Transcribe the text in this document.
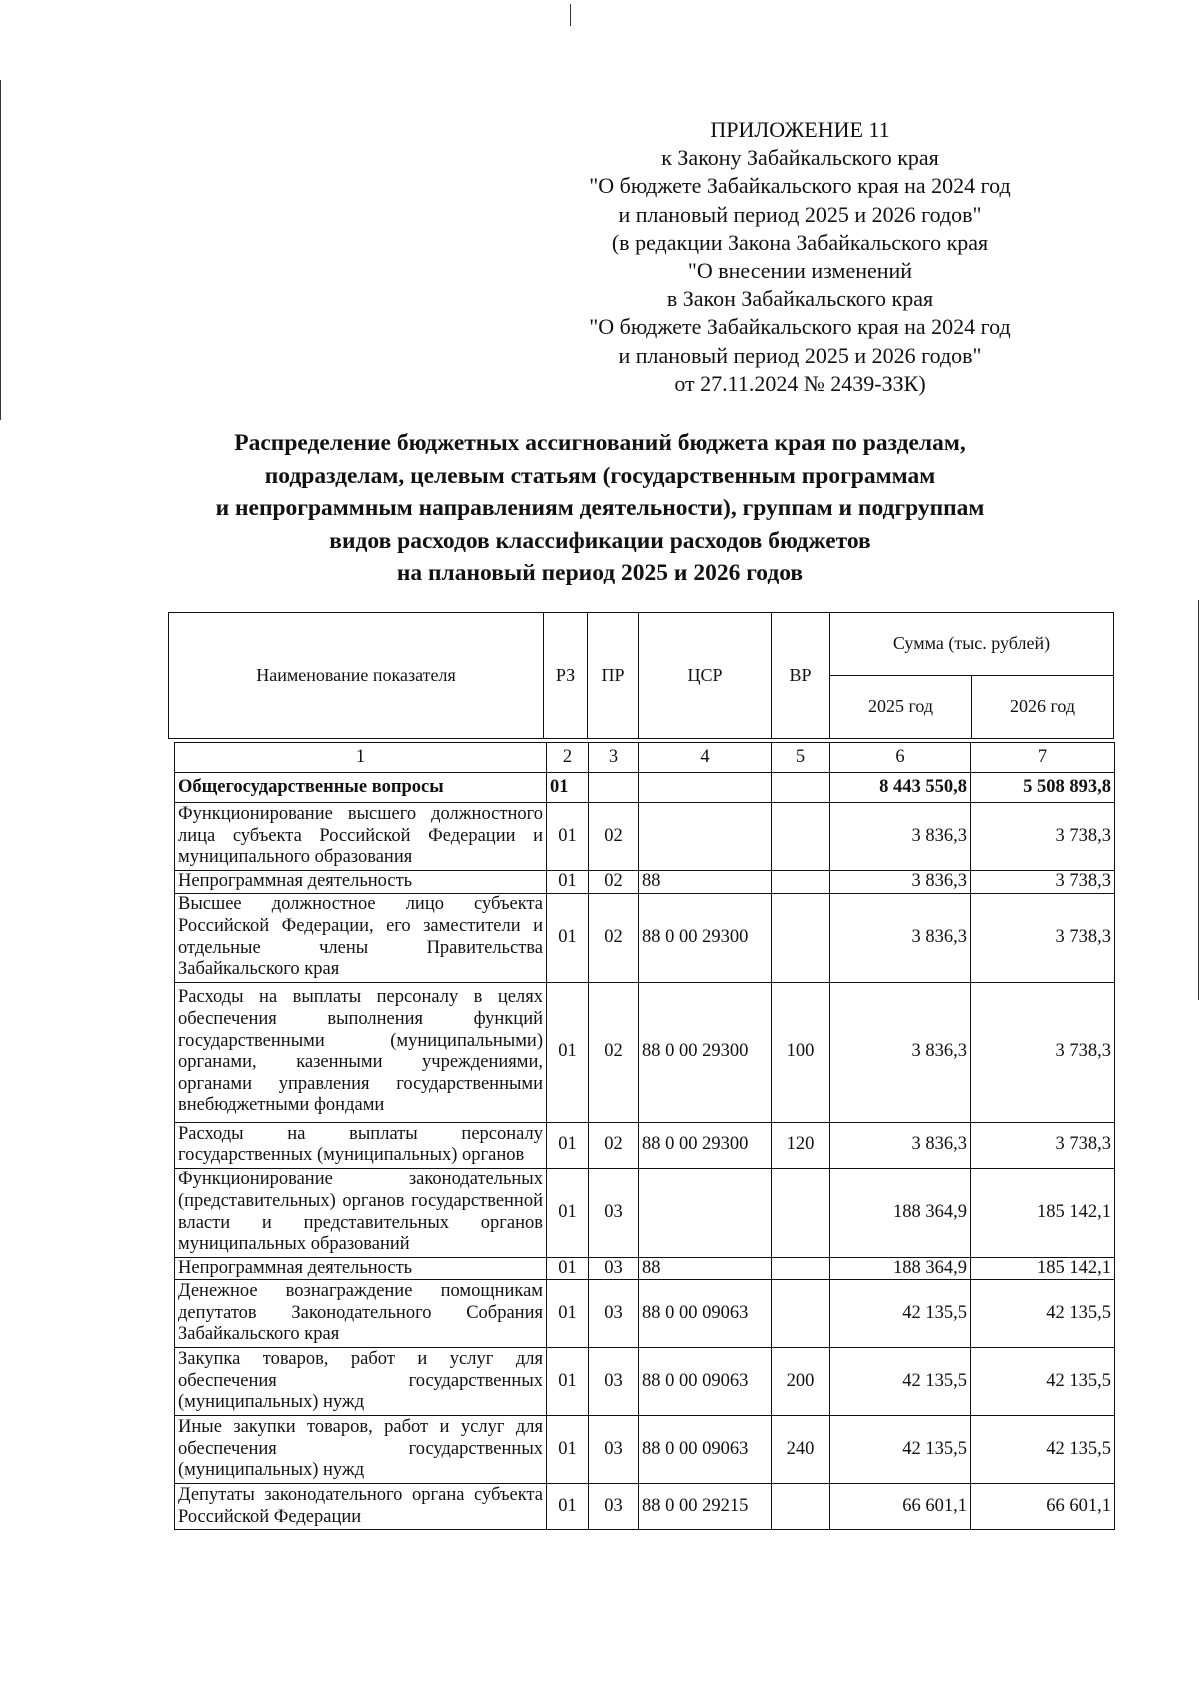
ПРИЛОЖЕНИЕ 11
к Закону Забайкальского края
"О бюджете Забайкальского края на 2024 год
и плановый период 2025 и 2026 годов"
(в редакции Закона Забайкальского края
"О внесении изменений
в Закон Забайкальского края
"О бюджете Забайкальского края на 2024 год
и плановый период 2025 и 2026 годов"
от 27.11.2024 № 2439-ЗЗК)
Распределение бюджетных ассигнований бюджета края по разделам,
подразделам, целевым статьям (государственным программам
и непрограммным направлениям деятельности), группам и подгруппам
видов расходов классификации расходов бюджетов
на плановый период 2025 и 2026 годов
Наименование показателя	РЗ	ПР	ЦСР	ВР	Сумма (тыс. рублей)	
					2025 год	2026 год
1	2	3	4	5	6	7
Общегосударственные вопросы	01				8 443 550,8	5 508 893,8
Функционирование высшего должностного лица субъекта Российской Федерации и муниципального образования	01	02			3 836,3	3 738,3
Непрограммная деятельность	01	02	88		3 836,3	3 738,3
Высшее должностное лицо субъекта Российской Федерации, его заместители и отдельные члены Правительства Забайкальского края	01	02	88 0 00 29300		3 836,3	3 738,3
Расходы на выплаты персоналу в целях обеспечения выполнения функций государственными (муниципальными) органами, казенными учреждениями, органами управления государственными внебюджетными фондами	01	02	88 0 00 29300	100	3 836,3	3 738,3
Расходы на выплаты персоналу государственных (муниципальных) органов	01	02	88 0 00 29300	120	3 836,3	3 738,3
Функционирование законодательных (представительных) органов государственной власти и представительных органов муниципальных образований	01	03			188 364,9	185 142,1
Непрограммная деятельность	01	03	88		188 364,9	185 142,1
Денежное вознаграждение помощникам депутатов Законодательного Собрания Забайкальского края	01	03	88 0 00 09063		42 135,5	42 135,5
Закупка товаров, работ и услуг для обеспечения государственных (муниципальных) нужд	01	03	88 0 00 09063	200	42 135,5	42 135,5
Иные закупки товаров, работ и услуг для обеспечения государственных (муниципальных) нужд	01	03	88 0 00 09063	240	42 135,5	42 135,5
Депутаты законодательного органа субъекта Российской Федерации	01	03	88 0 00 29215		66 601,1	66 601,1
